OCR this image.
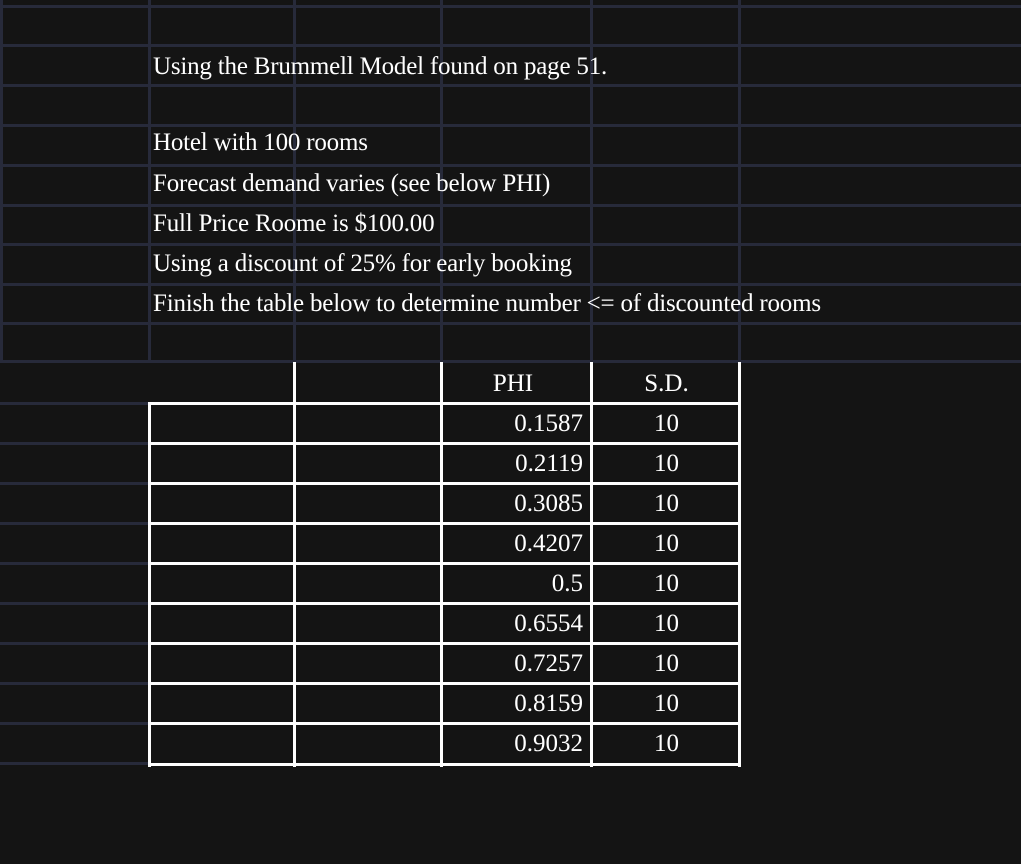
Using the Brummell Model found on page 51.
Hotel with 100 rooms
Forecast demand varies (see below PHI)
Full Price Roome is $100.00
Using a discount of 25% for early booking
Finish the table below to determine number <= of discounted rooms
PHI	S.D.
0.1587	10
0.2119	10
0.3085	10
0.4207	10
0.5	10
0.6554	10
0.7257	10
0.8159	10
0.9032	10
